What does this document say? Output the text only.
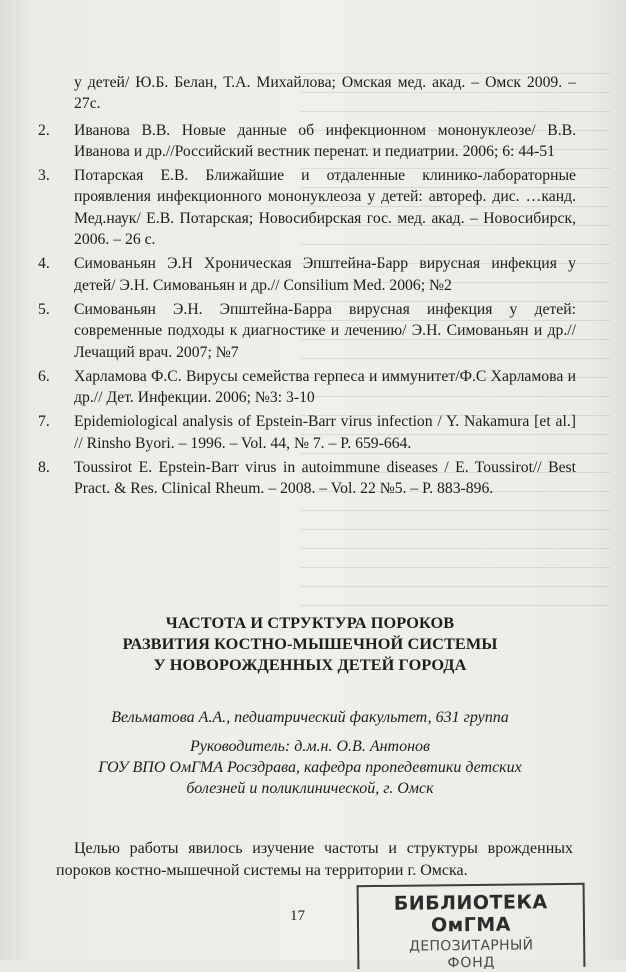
у детей/ Ю.Б. Белан, Т.А. Михайлова; Омская мед. акад. – Омск 2009. – 27с.
2. Иванова В.В. Новые данные об инфекционном мононуклеозе/ В.В. Иванова и др.//Российский вестник перенат. и педиатрии. 2006; 6: 44-51
3. Потарская Е.В. Ближайшие и отдаленные клинико-лабораторные проявления инфекционного мононуклеоза у детей: автореф. дис. …канд. Мед.наук/ Е.В. Потарская; Новосибирская гос. мед. акад. – Новосибирск, 2006. – 26 с.
4. Симованьян Э.Н Хроническая Эпштейна-Барр вирусная инфекция у детей/ Э.Н. Симованьян и др.// Consilium Med. 2006; №2
5. Симованьян Э.Н. Эпштейна-Барра вирусная инфекция у детей: современные подходы к диагностике и лечению/ Э.Н. Симованьян и др.//Лечащий врач. 2007; №7
6. Харламова Ф.С. Вирусы семейства герпеса и иммунитет/Ф.С Харламова и др.// Дет. Инфекции. 2006; №3: 3-10
7. Epidemiological analysis of Epstein-Barr virus infection / Y. Nakamura [et al.] // Rinsho Byori. – 1996. – Vol. 44, № 7. – P. 659-664.
8. Toussirot E. Epstein-Barr virus in autoimmune diseases / E. Toussirot// Best Pract. & Res. Clinical Rheum. – 2008. – Vol. 22 №5. – P. 883-896.
ЧАСТОТА И СТРУКТУРА ПОРОКОВ
РАЗВИТИЯ КОСТНО-МЫШЕЧНОЙ СИСТЕМЫ
У НОВОРОЖДЕННЫХ ДЕТЕЙ ГОРОДА
Вельматова А.А., педиатрический факультет, 631 группа
Руководитель: д.м.н. О.В. Антонов
ГОУ ВПО ОмГМА Росздрава, кафедра пропедевтики детских
болезней и поликлинической, г. Омск

Целью работы явилось изучение частоты и структуры врожденных пороков костно-мышечной системы на территории г. Омска.

17
БИБЛИОТЕКА ОмГМА
ДЕПОЗИТАРНЫЙ
ФОНД
